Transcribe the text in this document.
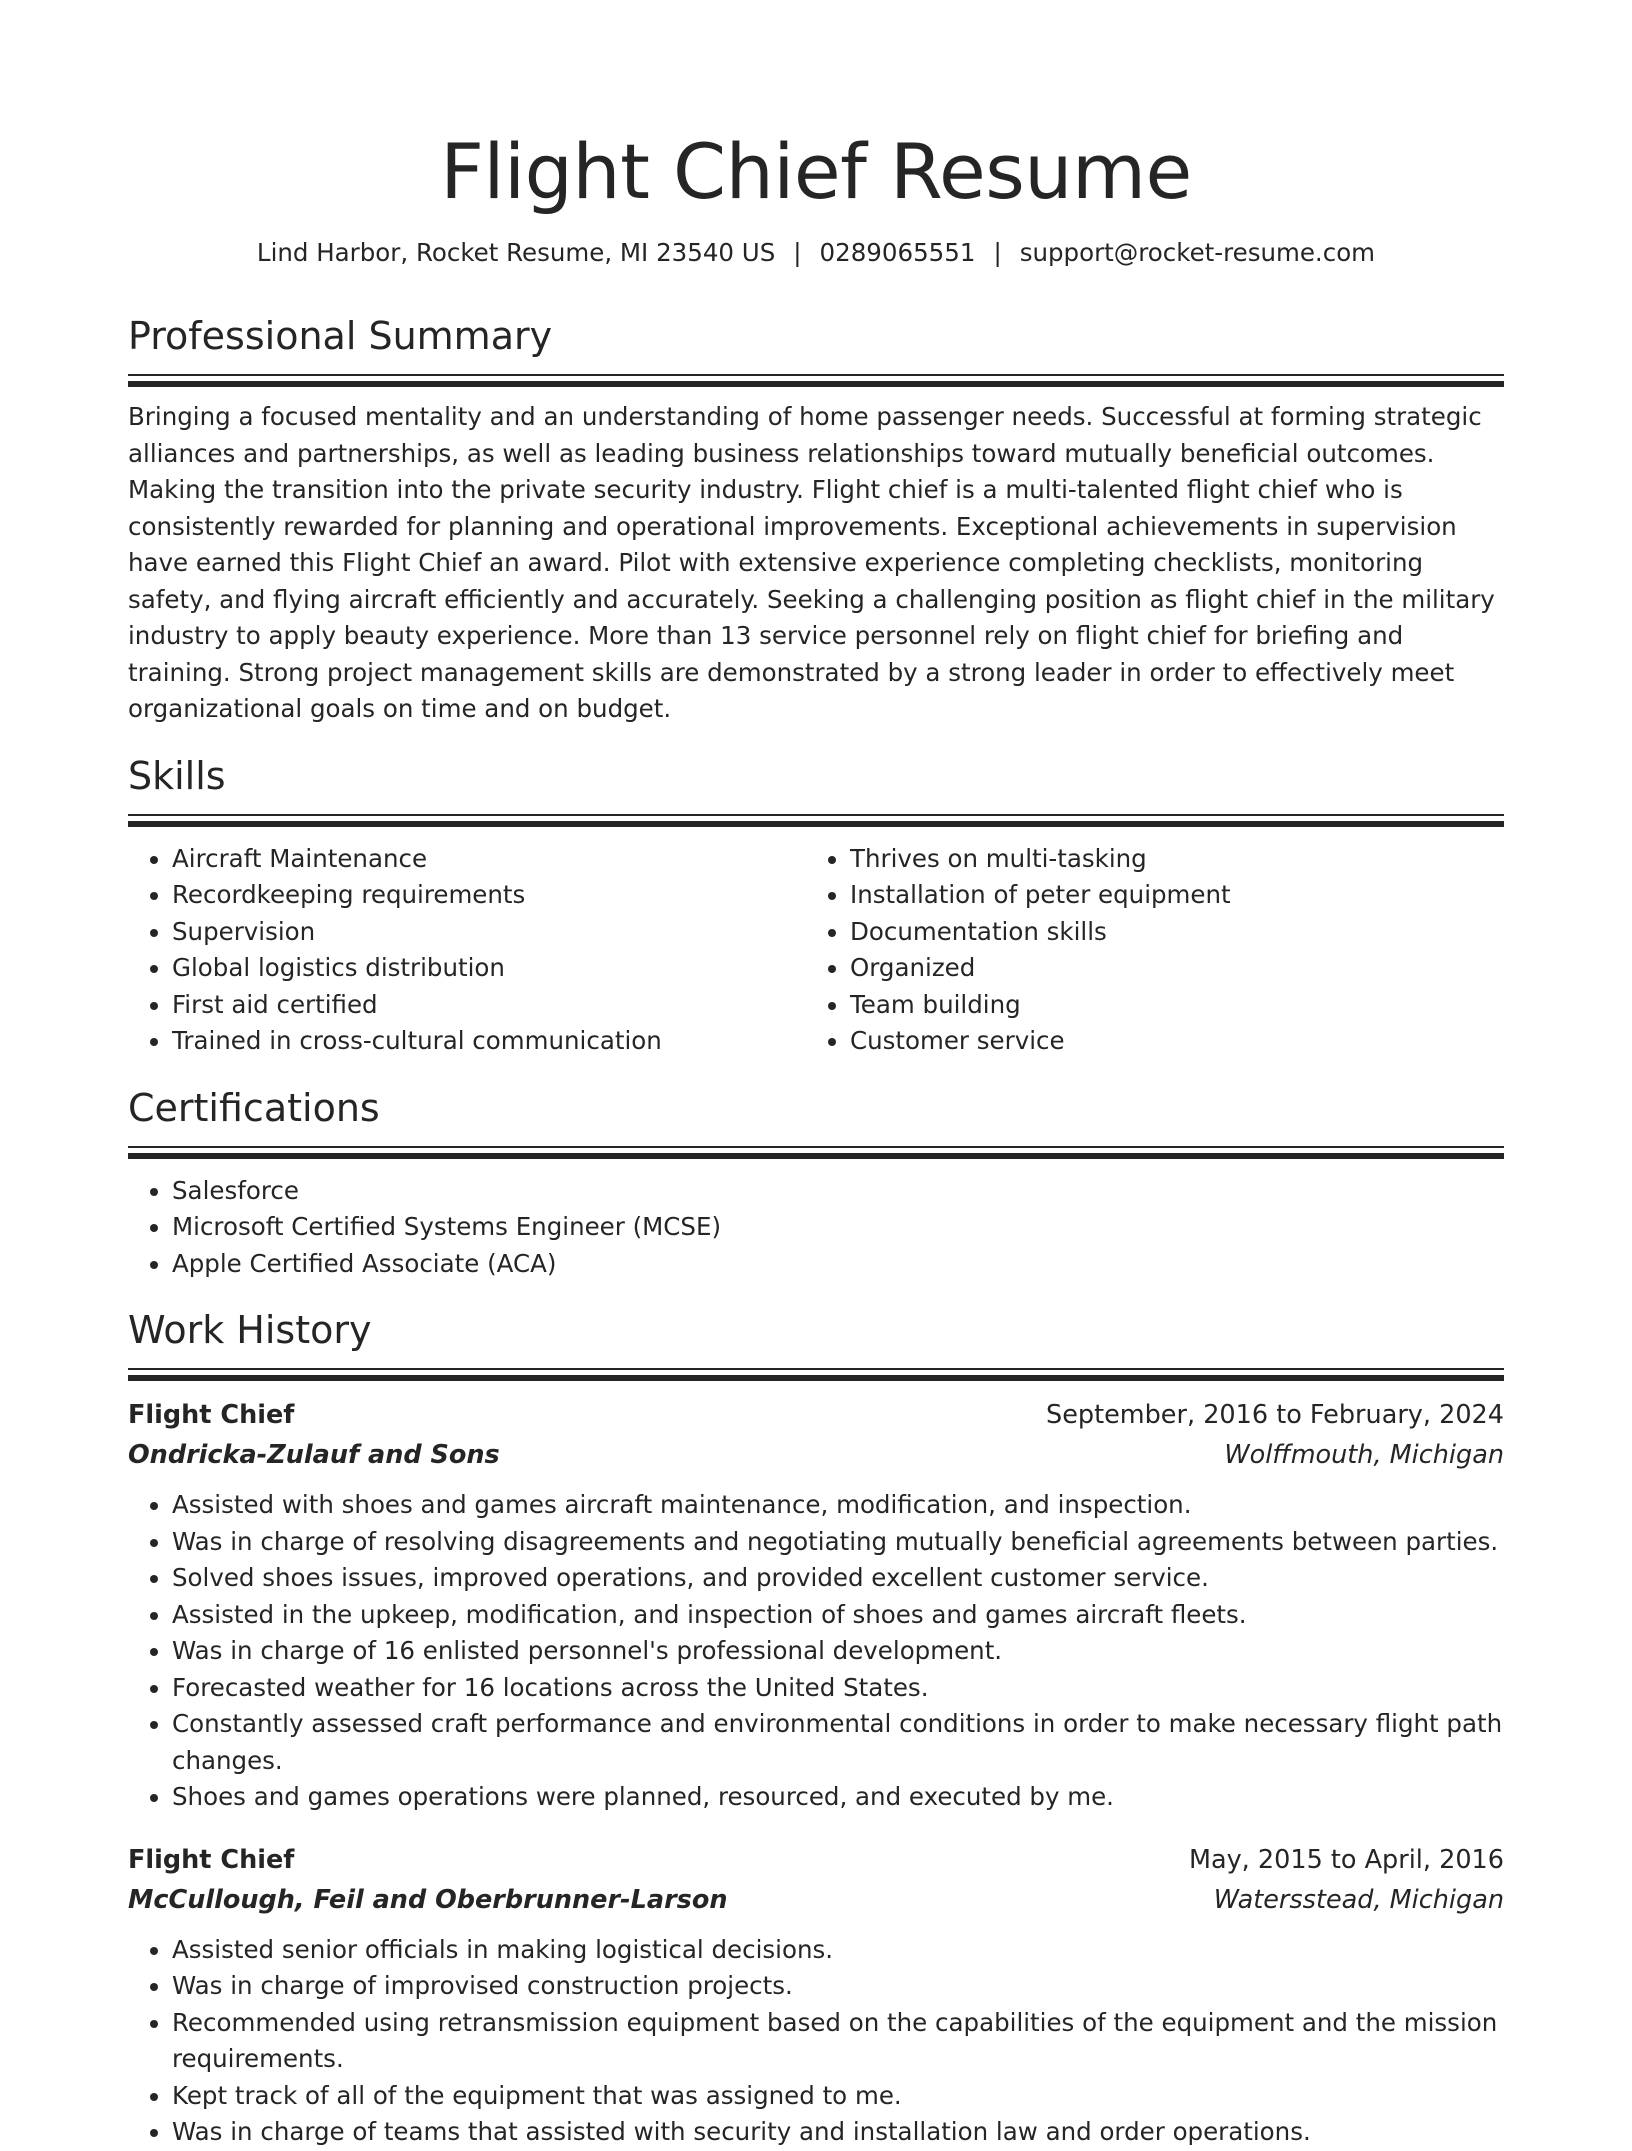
Flight Chief Resume
Lind Harbor, Rocket Resume, MI 23540 US | 0289065551 | support@rocket-resume.com
Professional Summary

Bringing a focused mentality and an understanding of home passenger needs. Successful at forming strategic alliances and partnerships, as well as leading business relationships toward mutually beneficial outcomes. Making the transition into the private security industry. Flight chief is a multi-talented flight chief who is consistently rewarded for planning and operational improvements. Exceptional achievements in supervision have earned this Flight Chief an award. Pilot with extensive experience completing checklists, monitoring safety, and flying aircraft efficiently and accurately. Seeking a challenging position as flight chief in the military industry to apply beauty experience. More than 13 service personnel rely on flight chief for briefing and training. Strong project management skills are demonstrated by a strong leader in order to effectively meet organizational goals on time and on budget.

Skills
• Aircraft Maintenance
• Recordkeeping requirements
• Supervision
• Global logistics distribution
• First aid certified
• Trained in cross-cultural communication
• Thrives on multi-tasking
• Installation of peter equipment
• Documentation skills
• Organized
• Team building
• Customer service
Certifications
• Salesforce
• Microsoft Certified Systems Engineer (MCSE)
• Apple Certified Associate (ACA)
Work History
Flight Chief	September, 2016 to February, 2024
Ondricka-Zulauf and Sons	Wolffmouth, Michigan
• Assisted with shoes and games aircraft maintenance, modification, and inspection.
• Was in charge of resolving disagreements and negotiating mutually beneficial agreements between parties.
• Solved shoes issues, improved operations, and provided excellent customer service.
• Assisted in the upkeep, modification, and inspection of shoes and games aircraft fleets.
• Was in charge of 16 enlisted personnel's professional development.
• Forecasted weather for 16 locations across the United States.
• Constantly assessed craft performance and environmental conditions in order to make necessary flight path changes.
• Shoes and games operations were planned, resourced, and executed by me.
Flight Chief	May, 2015 to April, 2016
McCullough, Feil and Oberbrunner-Larson	Watersstead, Michigan
• Assisted senior officials in making logistical decisions.
• Was in charge of improvised construction projects.
• Recommended using retransmission equipment based on the capabilities of the equipment and the mission requirements.
• Kept track of all of the equipment that was assigned to me.
• Was in charge of teams that assisted with security and installation law and order operations.
